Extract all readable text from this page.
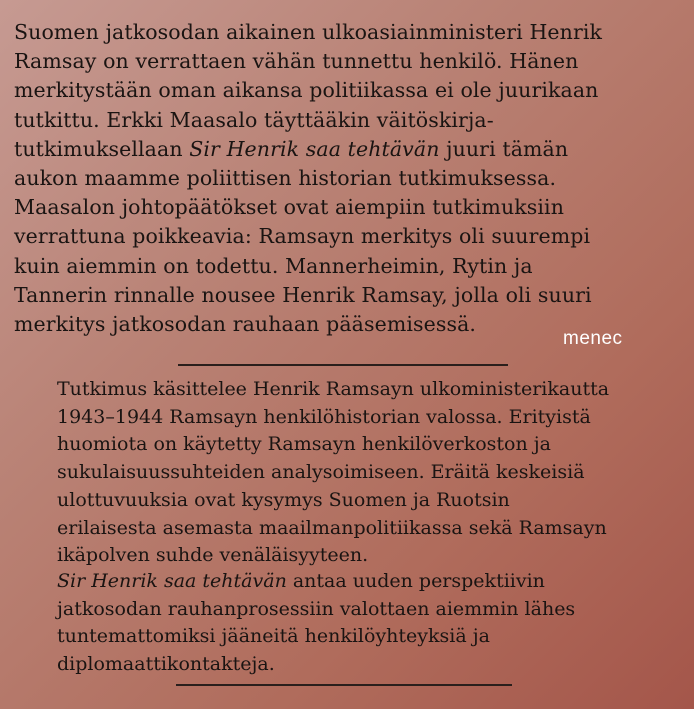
Suomen jatkosodan aikainen ulkoasiainministeri Henrik
Ramsay on verrattaen vähän tunnettu henkilö. Hänen
merkitystään oman aikansa politiikassa ei ole juurikaan
tutkittu. Erkki Maasalo täyttääkin väitöskirja-
tutkimuksellaan Sir Henrik saa tehtävän juuri tämän
aukon maamme poliittisen historian tutkimuksessa.
Maasalon johtopäätökset ovat aiempiin tutkimuksiin
verrattuna poikkeavia: Ramsayn merkitys oli suurempi
kuin aiemmin on todettu. Mannerheimin, Rytin ja
Tannerin rinnalle nousee Henrik Ramsay, jolla oli suuri
merkitys jatkosodan rauhaan pääsemisessä.
menec
Tutkimus käsittelee Henrik Ramsayn ulkoministerikautta
1943–1944 Ramsayn henkilöhistorian valossa. Erityistä
huomiota on käytetty Ramsayn henkilöverkoston ja
sukulaisuussuhteiden analysoimiseen. Eräitä keskeisiä
ulottuvuuksia ovat kysymys Suomen ja Ruotsin
erilaisesta asemasta maailmanpolitiikassa sekä Ramsayn
ikäpolven suhde venäläisyyteen.
Sir Henrik saa tehtävän antaa uuden perspektiivin
jatkosodan rauhanprosessiin valottaen aiemmin lähes
tuntemattomiksi jääneitä henkilöyhteyksiä ja
diplomaattikontakteja.
